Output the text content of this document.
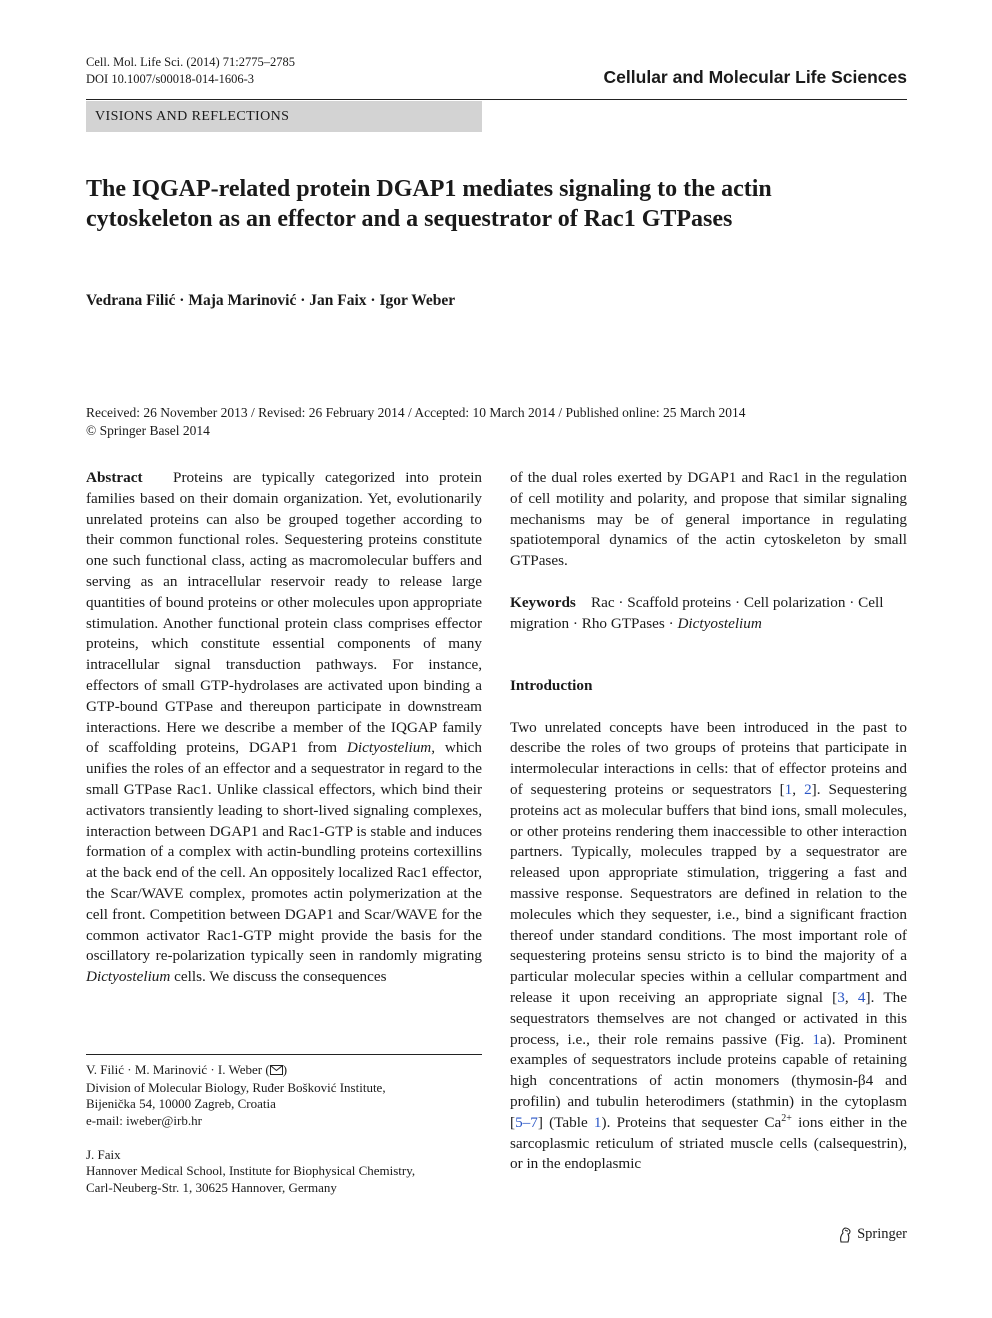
Cell. Mol. Life Sci. (2014) 71:2775–2785
DOI 10.1007/s00018-014-1606-3	Cellular and Molecular Life Sciences
VISIONS AND REFLECTIONS
The IQGAP-related protein DGAP1 mediates signaling to the actin cytoskeleton as an effector and a sequestrator of Rac1 GTPases
Vedrana Filić · Maja Marinović · Jan Faix · Igor Weber
Received: 26 November 2013 / Revised: 26 February 2014 / Accepted: 10 March 2014 / Published online: 25 March 2014
© Springer Basel 2014

Abstract Proteins are typically categorized into protein families based on their domain organization. Yet, evolutionarily unrelated proteins can also be grouped together according to their common functional roles. Sequestering proteins constitute one such functional class, acting as macromolecular buffers and serving as an intracellular reservoir ready to release large quantities of bound proteins or other molecules upon appropriate stimulation. Another functional protein class comprises effector proteins, which constitute essential components of many intracellular signal transduction pathways. For instance, effectors of small GTP-hydrolases are activated upon binding a GTP-bound GTPase and thereupon participate in downstream interactions. Here we describe a member of the IQGAP family of scaffolding proteins, DGAP1 from Dictyostelium, which unifies the roles of an effector and a sequestrator in regard to the small GTPase Rac1. Unlike classical effectors, which bind their activators transiently leading to short-lived signaling complexes, interaction between DGAP1 and Rac1-GTP is stable and induces formation of a complex with actin-bundling proteins cortexillins at the back end of the cell. An oppositely localized Rac1 effector, the Scar/WAVE complex, promotes actin polymerization at the cell front. Competition between DGAP1 and Scar/WAVE for the common activator Rac1-GTP might provide the basis for the oscillatory re-polarization typically seen in randomly migrating Dictyostelium cells. We discuss the consequences

of the dual roles exerted by DGAP1 and Rac1 in the regulation of cell motility and polarity, and propose that similar signaling mechanisms may be of general importance in regulating spatiotemporal dynamics of the actin cytoskeleton by small GTPases.

Keywords Rac · Scaffold proteins · Cell polarization · Cell migration · Rho GTPases · Dictyostelium

Introduction

Two unrelated concepts have been introduced in the past to describe the roles of two groups of proteins that participate in intermolecular interactions in cells: that of effector proteins and of sequestering proteins or sequestrators [1, 2]. Sequestering proteins act as molecular buffers that bind ions, small molecules, or other proteins rendering them inaccessible to other interaction partners. Typically, molecules trapped by a sequestrator are released upon appropriate stimulation, triggering a fast and massive response. Sequestrators are defined in relation to the molecules which they sequester, i.e., bind a significant fraction thereof under standard conditions. The most important role of sequestering proteins sensu stricto is to bind the majority of a particular molecular species within a cellular compartment and release it upon receiving an appropriate signal [3, 4]. The sequestrators themselves are not changed or activated in this process, i.e., their role remains passive (Fig. 1a). Prominent examples of sequestrators include proteins capable of retaining high concentrations of actin monomers (thymosin-β4 and profilin) and tubulin heterodimers (stathmin) in the cytoplasm [5–7] (Table 1). Proteins that sequester $Ca^{2+}$ ions either in the sarcoplasmic reticulum of striated muscle cells (calsequestrin), or in the endoplasmic

V. Filić · M. Marinović · I. Weber ( )

Division of Molecular Biology, Ruđer Bošković Institute,

Bijenička 54, 10000 Zagreb, Croatia

e-mail: iweber@irb.hr

J. Faix

Hannover Medical School, Institute for Biophysical Chemistry,

Carl-Neuberg-Str. 1, 30625 Hannover, Germany

Springer
